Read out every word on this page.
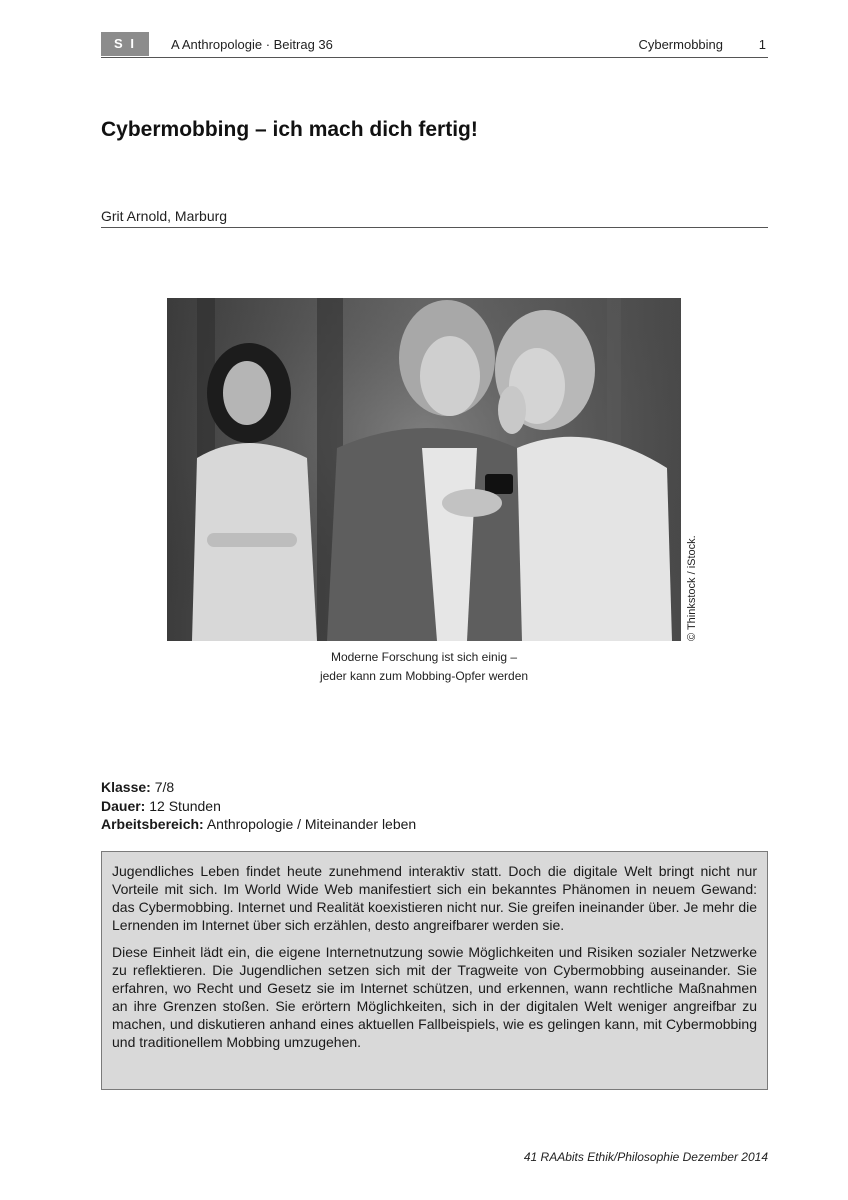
S I	A Anthropologie · Beitrag 36	Cybermobbing	1
Cybermobbing – ich mach dich fertig!
Grit Arnold, Marburg
© Thinkstock / iStock.
Moderne Forschung ist sich einig –
jeder kann zum Mobbing-Opfer werden
Klasse: 7/8
Dauer: 12 Stunden
Arbeitsbereich: Anthropologie / Miteinander leben

Jugendliches Leben findet heute zunehmend interaktiv statt. Doch die digitale Welt bringt nicht nur Vorteile mit sich. Im World Wide Web manifestiert sich ein bekanntes Phänomen in neuem Gewand: das Cybermobbing. Internet und Realität koexistieren nicht nur. Sie greifen ineinander über. Je mehr die Lernenden im Internet über sich erzählen, desto angreifbarer werden sie.

Diese Einheit lädt ein, die eigene Internetnutzung sowie Möglichkeiten und Risiken sozialer Netzwerke zu reflektieren. Die Jugendlichen setzen sich mit der Tragweite von Cybermobbing auseinander. Sie erfahren, wo Recht und Gesetz sie im Internet schützen, und erkennen, wann rechtliche Maßnahmen an ihre Grenzen stoßen. Sie erörtern Möglichkeiten, sich in der digitalen Welt weniger angreifbar zu machen, und diskutieren anhand eines aktuellen Fallbeispiels, wie es gelingen kann, mit Cybermobbing und traditionellem Mobbing umzugehen.

41 RAAbits Ethik/Philosophie Dezember 2014
